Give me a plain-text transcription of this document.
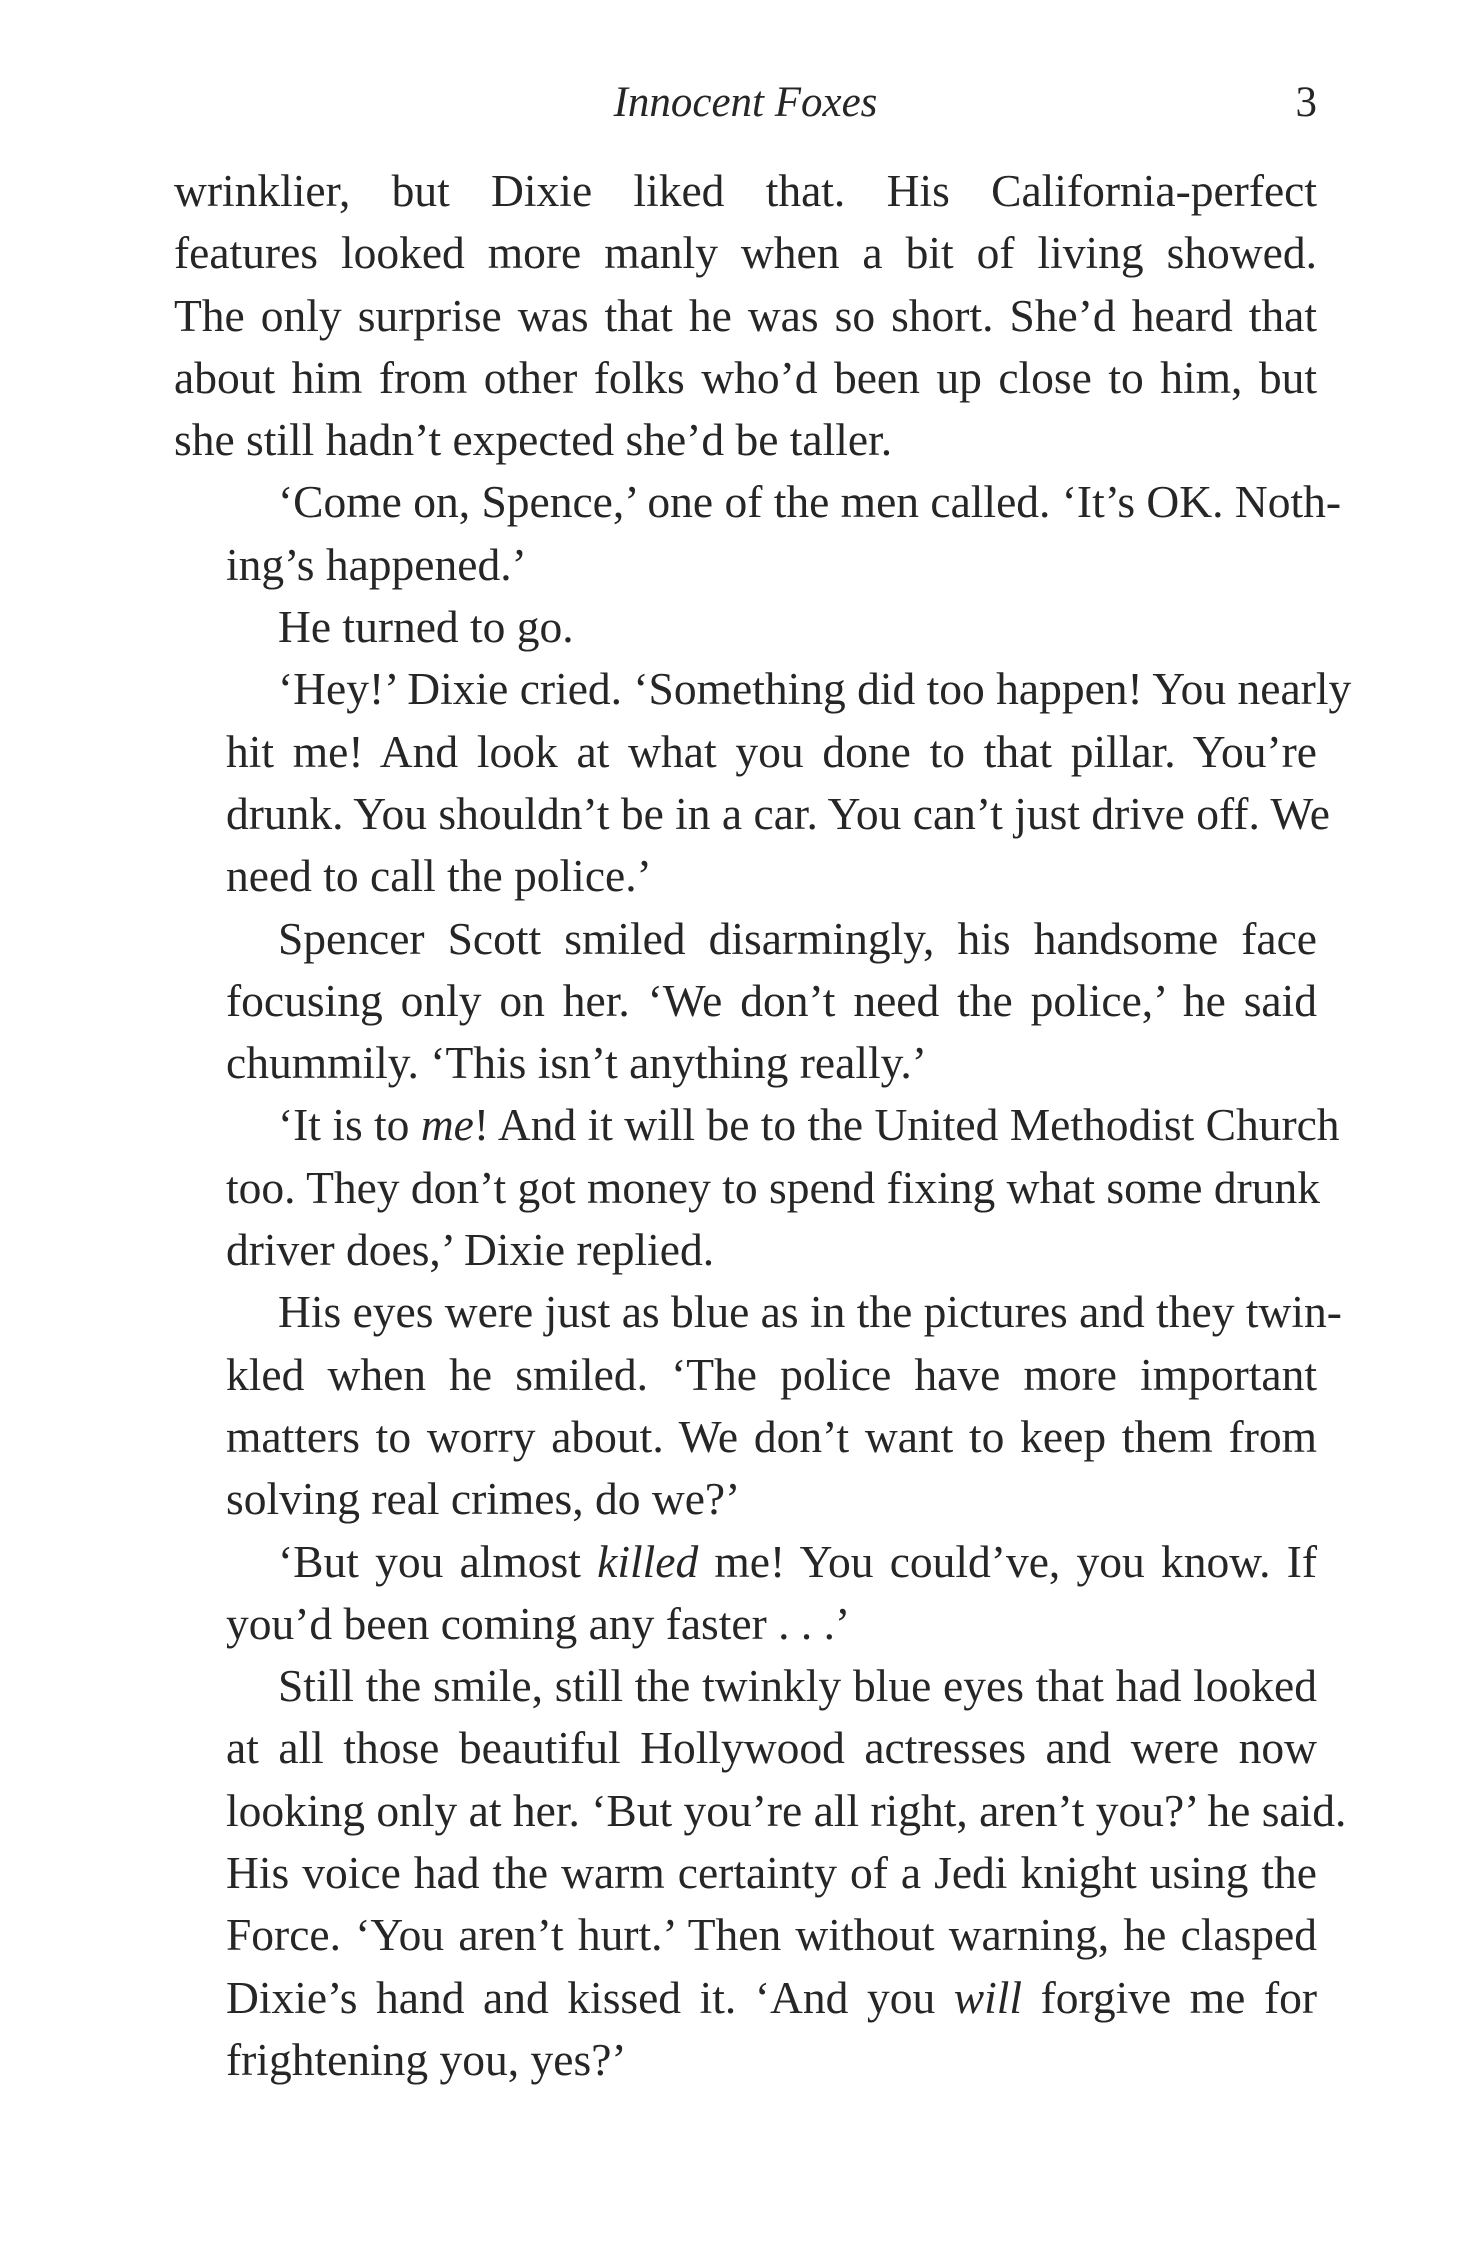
Innocent Foxes	3
wrinklier, but Dixie liked that. His California-perfect
features looked more manly when a bit of living showed.
The only surprise was that he was so short. She’d heard that
about him from other folks who’d been up close to him, but
she still hadn’t expected she’d be taller.
‘Come on, Spence,’ one of the men called. ‘It’s OK. Noth-
ing’s happened.’
He turned to go.
‘Hey!’ Dixie cried. ‘Something did too happen! You nearly
hit me! And look at what you done to that pillar. You’re
drunk. You shouldn’t be in a car. You can’t just drive off. We
need to call the police.’
Spencer Scott smiled disarmingly, his handsome face
focusing only on her. ‘We don’t need the police,’ he said
chummily. ‘This isn’t anything really.’
‘It is to me! And it will be to the United Methodist Church
too. They don’t got money to spend fixing what some drunk
driver does,’ Dixie replied.
His eyes were just as blue as in the pictures and they twin-
kled when he smiled. ‘The police have more important
matters to worry about. We don’t want to keep them from
solving real crimes, do we?’
‘But you almost killed me! You could’ve, you know. If
you’d been coming any faster . . .’
Still the smile, still the twinkly blue eyes that had looked
at all those beautiful Hollywood actresses and were now
looking only at her. ‘But you’re all right, aren’t you?’ he said.
His voice had the warm certainty of a Jedi knight using the
Force. ‘You aren’t hurt.’ Then without warning, he clasped
Dixie’s hand and kissed it. ‘And you will forgive me for
frightening you, yes?’
